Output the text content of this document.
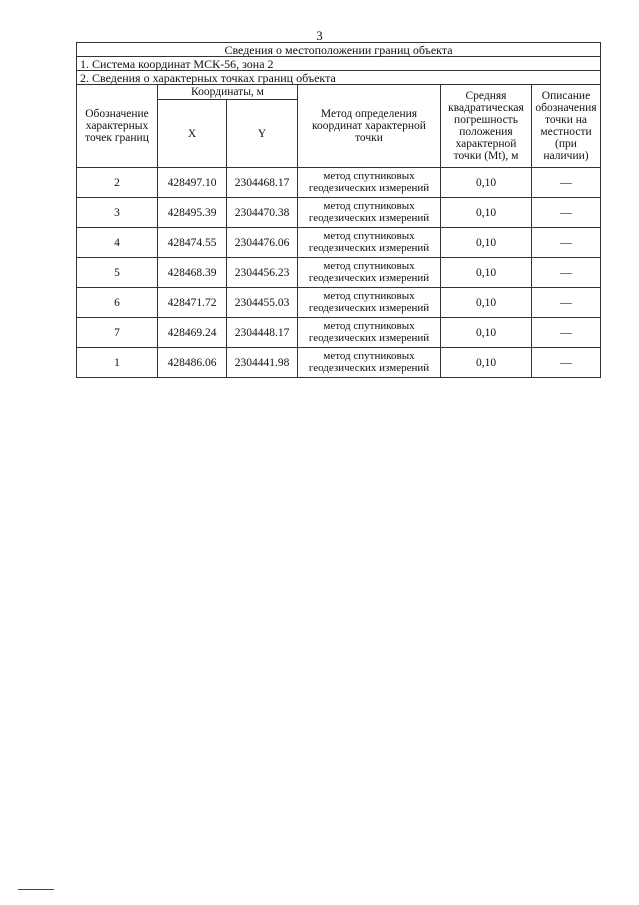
3
Сведения о местоположении границ объекта					
1. Система координат МСК-56, зона 2					
2. Сведения о характерных точках границ объекта					
Обозначение характерных точек границ	Координаты, м		Метод определения координат характерной точки	Средняя квадратическая погрешность положения характерной точки (Mt), м	Описание обозначения точки на местности (при наличии)
	X	Y			
2	428497.10	2304468.17	метод спутниковых геодезических измерений	0,10	—
3	428495.39	2304470.38	метод спутниковых геодезических измерений	0,10	—
4	428474.55	2304476.06	метод спутниковых геодезических измерений	0,10	—
5	428468.39	2304456.23	метод спутниковых геодезических измерений	0,10	—
6	428471.72	2304455.03	метод спутниковых геодезических измерений	0,10	—
7	428469.24	2304448.17	метод спутниковых геодезических измерений	0,10	—
1	428486.06	2304441.98	метод спутниковых геодезических измерений	0,10	—
